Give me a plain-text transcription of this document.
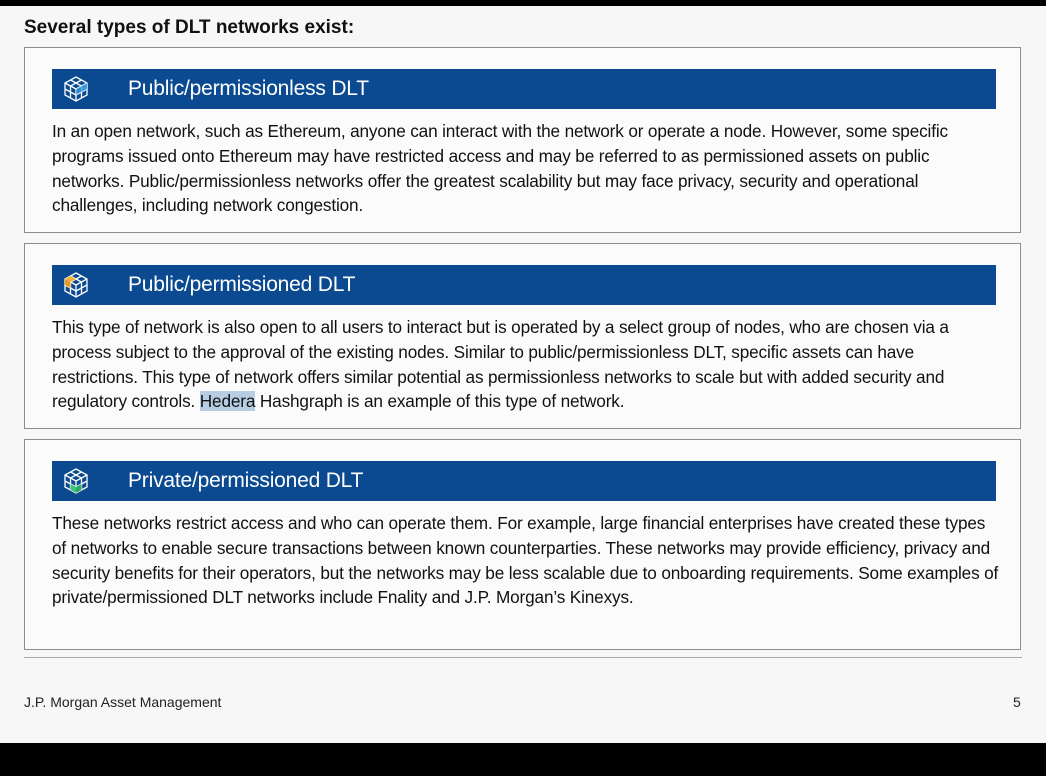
Several types of DLT networks exist:
Public/permissionless DLT

In an open network, such as Ethereum, anyone can interact with the network or operate a node. However, some specific programs issued onto Ethereum may have restricted access and may be referred to as permissioned assets on public networks. Public/permissionless networks offer the greatest scalability but may face privacy, security and operational challenges, including network congestion.

Public/permissioned DLT

This type of network is also open to all users to interact but is operated by a select group of nodes, who are chosen via a process subject to the approval of the existing nodes. Similar to public/permissionless DLT, specific assets can have restrictions. This type of network offers similar potential as permissionless networks to scale but with added security and regulatory controls. Hedera Hashgraph is an example of this type of network.

Private/permissioned DLT

These networks restrict access and who can operate them. For example, large financial enterprises have created these types of networks to enable secure transactions between known counterparties. These networks may provide efficiency, privacy and security benefits for their operators, but the networks may be less scalable due to onboarding requirements. Some examples of private/permissioned DLT networks include Fnality and J.P. Morgan’s Kinexys.

J.P. Morgan Asset Management	5
